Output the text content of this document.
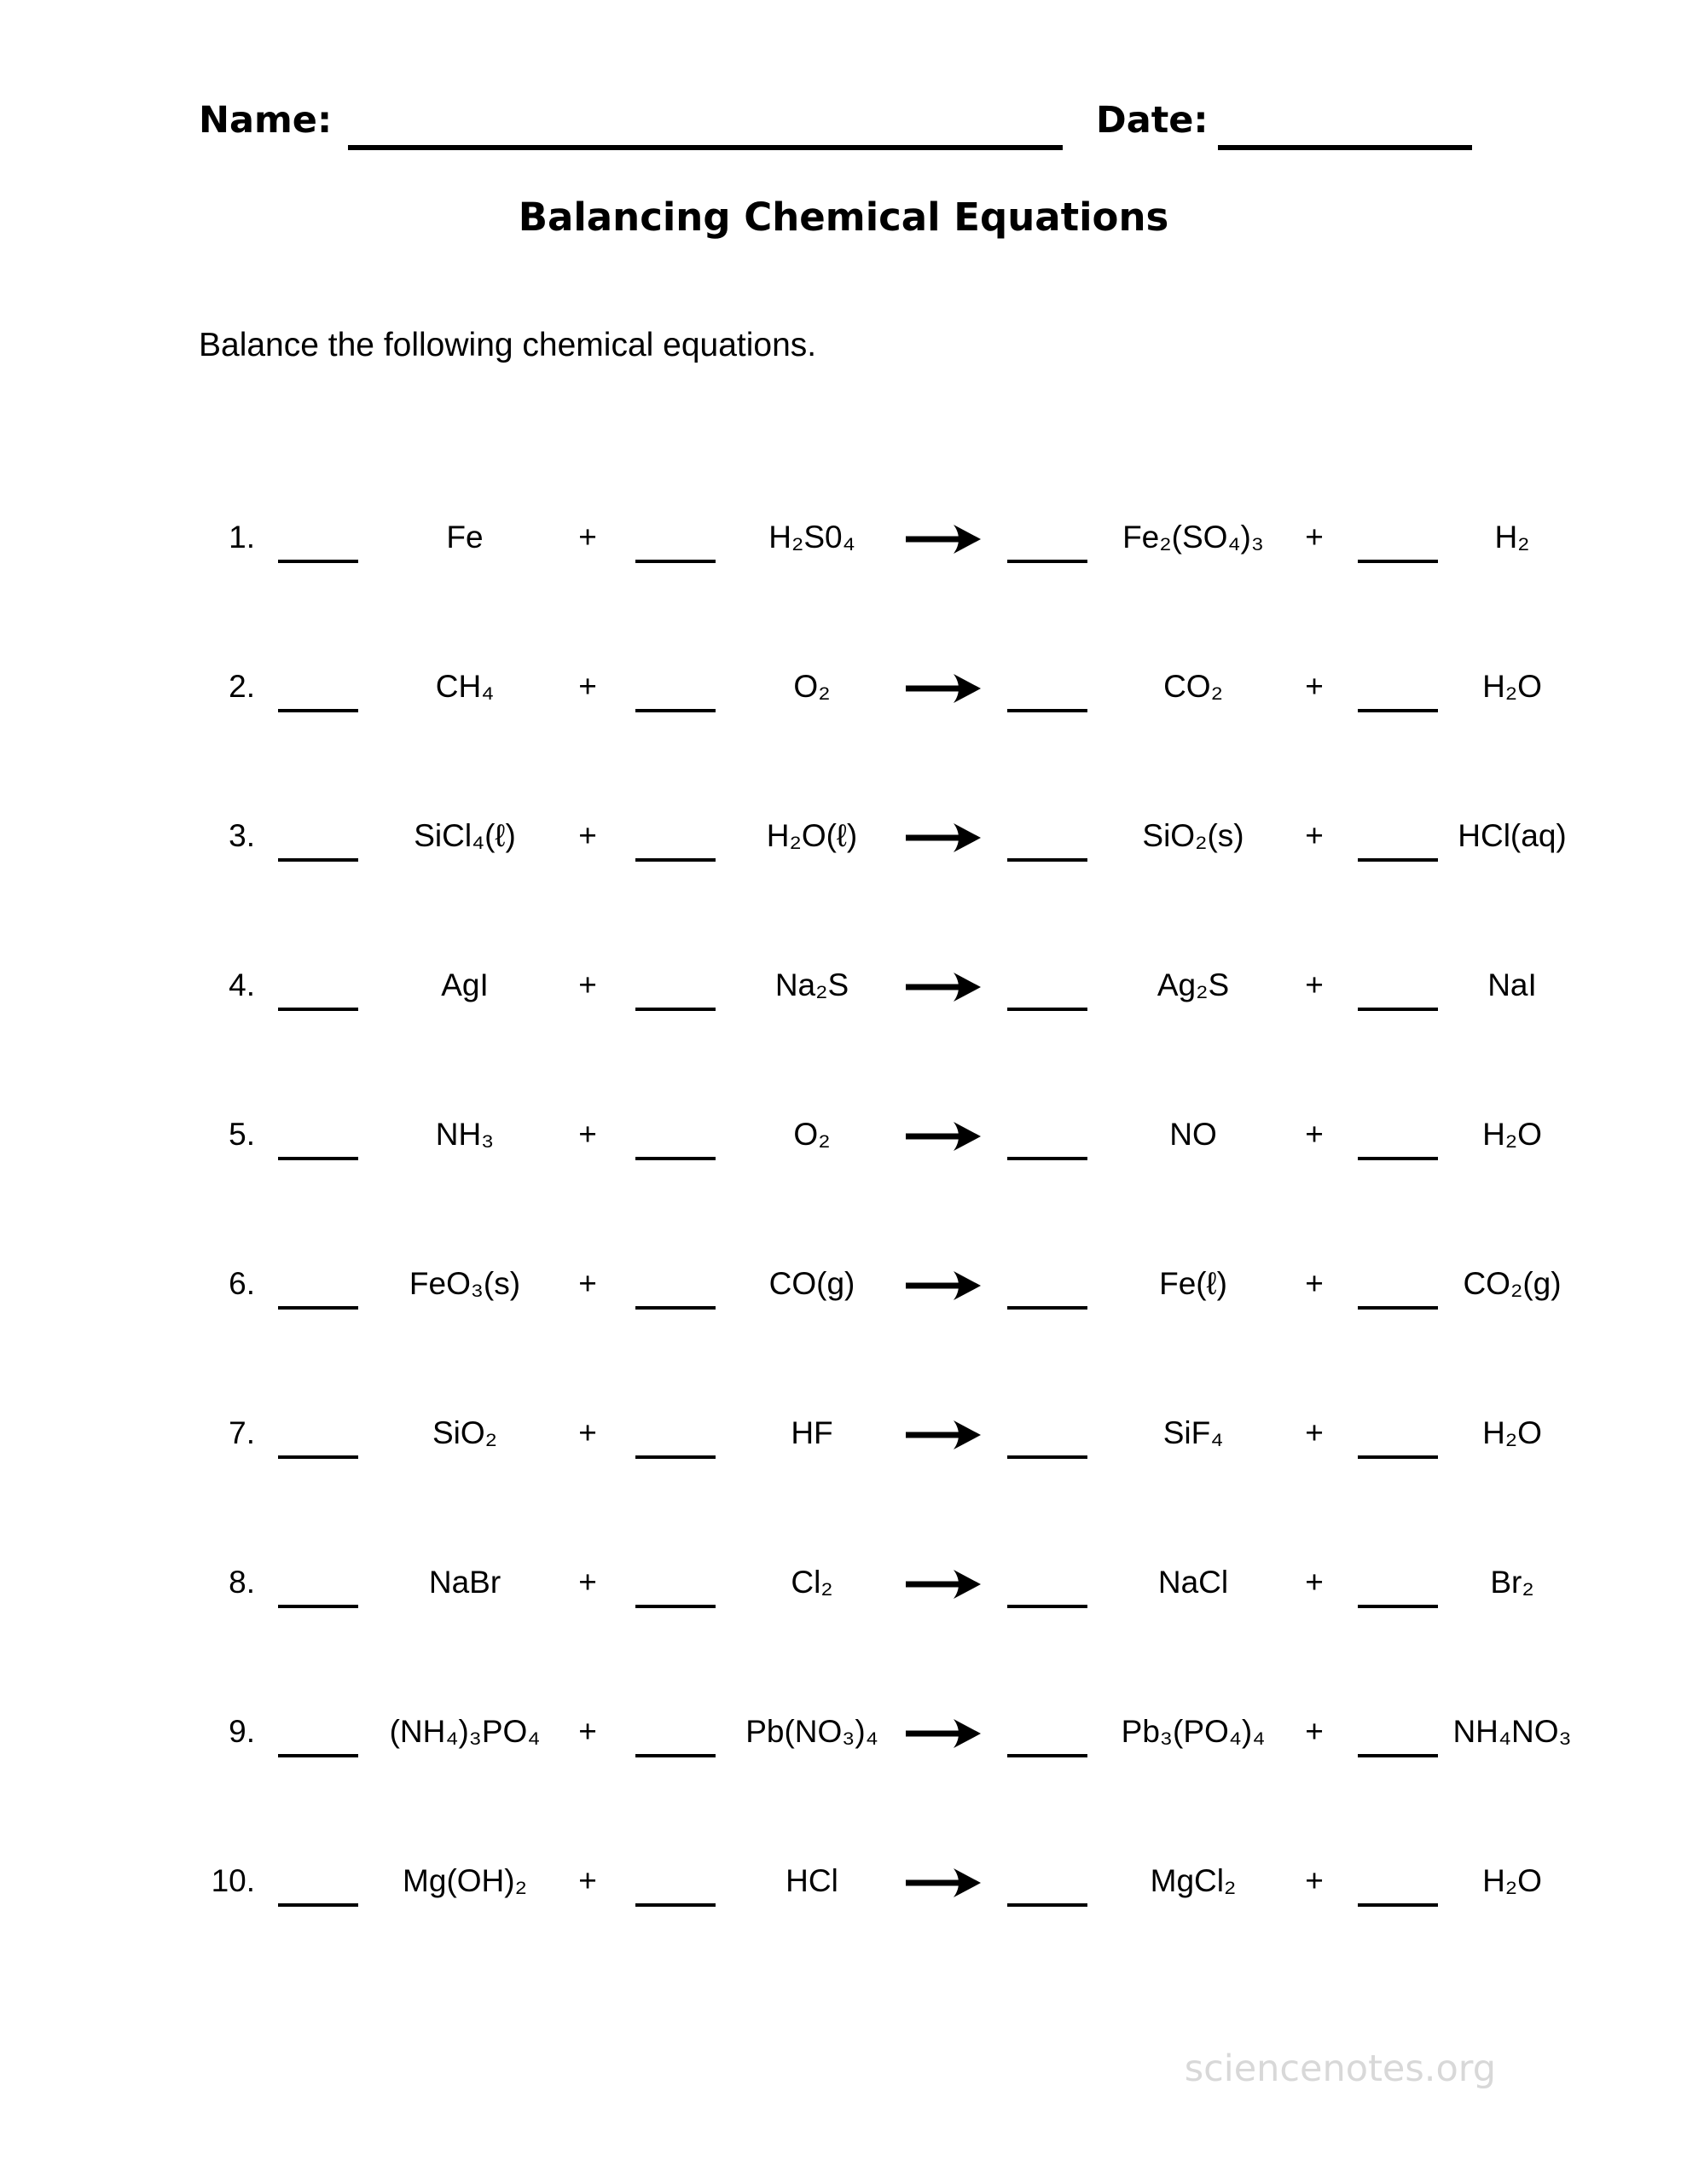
Name:	Date:
Balancing Chemical Equations
Balance the following chemical equations.
1.	Fe	+	H₂S0₄	Fe₂(SO₄)₃	+	H₂
2.	CH₄	+	O₂	CO₂	+	H₂O
3.	SiCl₄(ℓ)	+	H₂O(ℓ)	SiO₂(s)	+	HCl(aq)
4.	AgI	+	Na₂S	Ag₂S	+	NaI
5.	NH₃	+	O₂	NO	+	H₂O
6.	FeO₃(s)	+	CO(g)	Fe(ℓ)	+	CO₂(g)
7.	SiO₂	+	HF	SiF₄	+	H₂O
8.	NaBr	+	Cl₂	NaCl	+	Br₂
9.	(NH₄)₃PO₄	+	Pb(NO₃)₄	Pb₃(PO₄)₄	+	NH₄NO₃
10.	Mg(OH)₂	+	HCl	MgCl₂	+	H₂O
sciencenotes.org
